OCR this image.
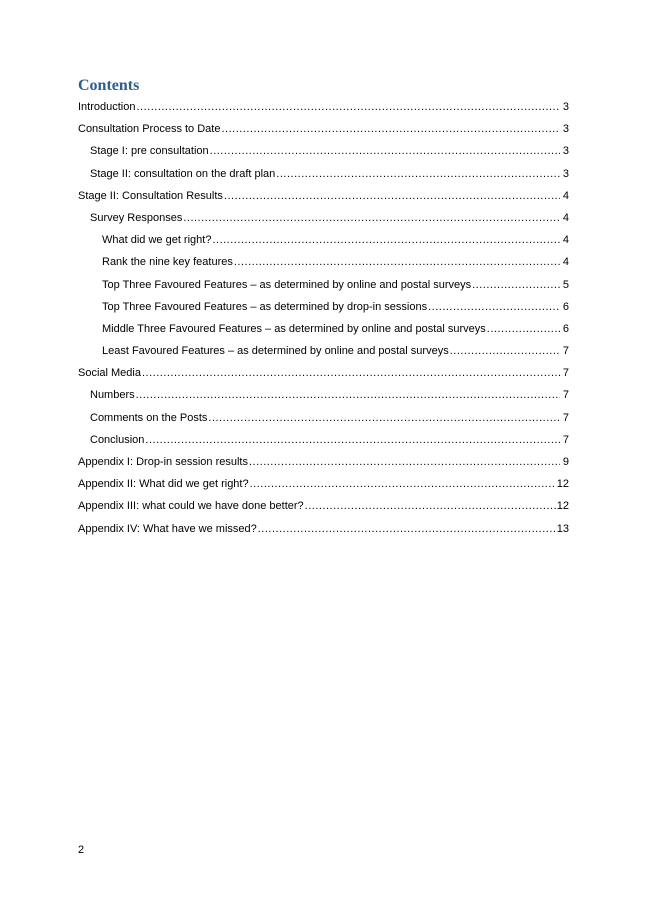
Contents
Introduction .....	3
Consultation Process to Date .....	3
Stage I: pre consultation .....	3
Stage II: consultation on the draft plan .....	3
Stage II: Consultation Results .....	4
Survey Responses .....	4
What did we get right? .....	4
Rank the nine key features .....	4
Top Three Favoured Features – as determined by online and postal surveys .....	5
Top Three Favoured Features – as determined by drop-in sessions .....	6
Middle Three Favoured Features – as determined by online and postal surveys .....	6
Least Favoured Features – as determined by online and postal surveys .....	7
Social Media .....	7
Numbers .....	7
Comments on the Posts .....	7
Conclusion .....	7
Appendix I: Drop-in session results .....	9
Appendix II: What did we get right? .....	12
Appendix III: what could we have done better? .....	12
Appendix IV: What have we missed? .....	13
2
